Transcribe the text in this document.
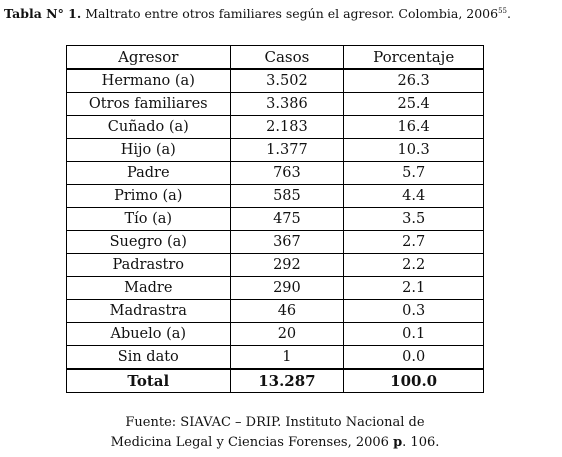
Tabla N° 1. Maltrato entre otros familiares según el agresor. Colombia, 2006$^{55}$.
Agresor	Casos	Porcentaje
Hermano (a)	3.502	26.3
Otros familiares	3.386	25.4
Cuñado (a)	2.183	16.4
Hijo (a)	1.377	10.3
Padre	763	5.7
Primo (a)	585	4.4
Tío (a)	475	3.5
Suegro (a)	367	2.7
Padrastro	292	2.2
Madre	290	2.1
Madrastra	46	0.3
Abuelo (a)	20	0.1
Sin dato	1	0.0
Total	13.287	100.0
Fuente: SIAVAC – DRIP. Instituto Nacional de
Medicina Legal y Ciencias Forenses, 2006 p. 106.
